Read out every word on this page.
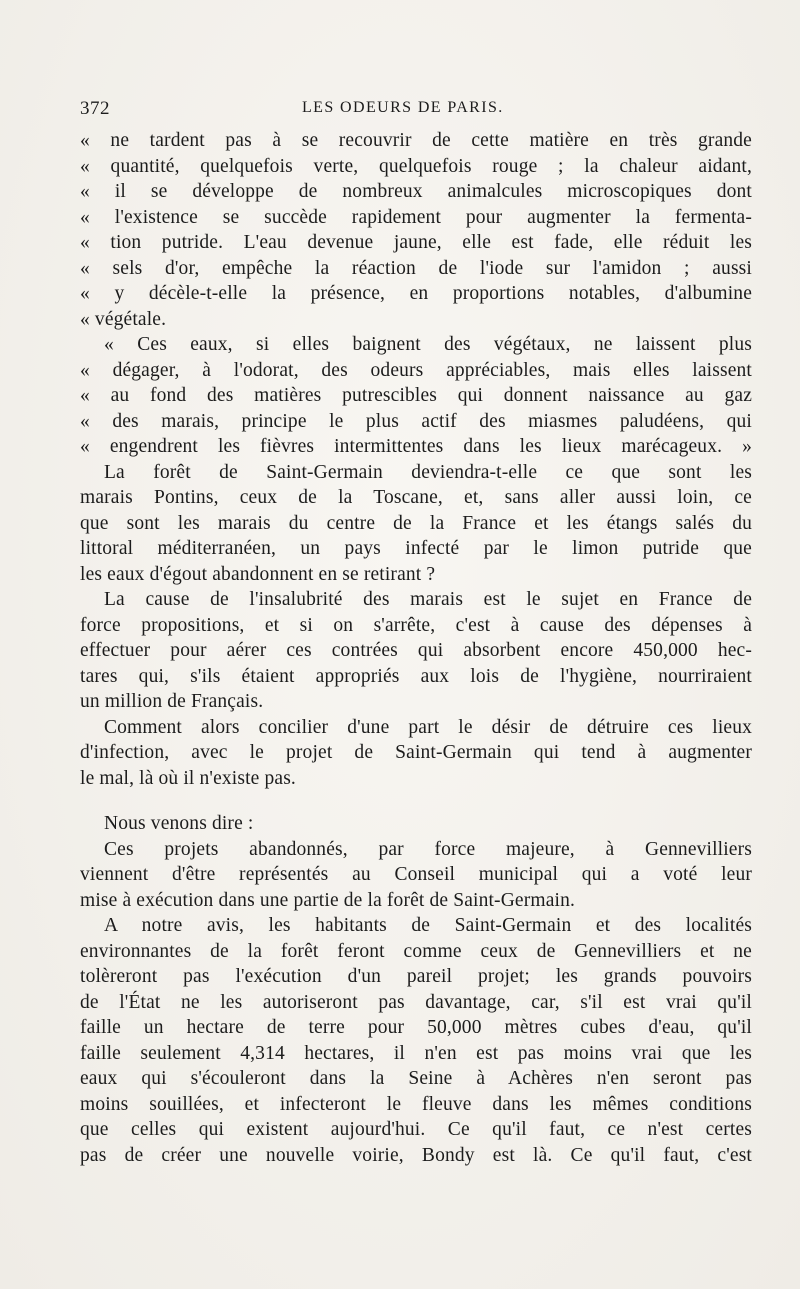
372	LES ODEURS DE PARIS.
« ne tardent pas à se recouvrir de cette matière en très grande
« quantité, quelquefois verte, quelquefois rouge ; la chaleur aidant,
« il se développe de nombreux animalcules microscopiques dont
« l'existence se succède rapidement pour augmenter la fermenta-
« tion putride. L'eau devenue jaune, elle est fade, elle réduit les
« sels d'or, empêche la réaction de l'iode sur l'amidon ; aussi
« y décèle-t-elle la présence, en proportions notables, d'albumine
« végétale.
« Ces eaux, si elles baignent des végétaux, ne laissent plus
« dégager, à l'odorat, des odeurs appréciables, mais elles laissent
« au fond des matières putrescibles qui donnent naissance au gaz
« des marais, principe le plus actif des miasmes paludéens, qui
« engendrent les fièvres intermittentes dans les lieux marécageux. »
La forêt de Saint-Germain deviendra-t-elle ce que sont les
marais Pontins, ceux de la Toscane, et, sans aller aussi loin, ce
que sont les marais du centre de la France et les étangs salés du
littoral méditerranéen, un pays infecté par le limon putride que
les eaux d'égout abandonnent en se retirant ?
La cause de l'insalubrité des marais est le sujet en France de
force propositions, et si on s'arrête, c'est à cause des dépenses à
effectuer pour aérer ces contrées qui absorbent encore 450,000 hec-
tares qui, s'ils étaient appropriés aux lois de l'hygiène, nourriraient
un million de Français.
Comment alors concilier d'une part le désir de détruire ces lieux
d'infection, avec le projet de Saint-Germain qui tend à augmenter
le mal, là où il n'existe pas.
Nous venons dire :
Ces projets abandonnés, par force majeure, à Gennevilliers
viennent d'être représentés au Conseil municipal qui a voté leur
mise à exécution dans une partie de la forêt de Saint-Germain.
A notre avis, les habitants de Saint-Germain et des localités
environnantes de la forêt feront comme ceux de Gennevilliers et ne
tolèreront pas l'exécution d'un pareil projet; les grands pouvoirs
de l'État ne les autoriseront pas davantage, car, s'il est vrai qu'il
faille un hectare de terre pour 50,000 mètres cubes d'eau, qu'il
faille seulement 4,314 hectares, il n'en est pas moins vrai que les
eaux qui s'écouleront dans la Seine à Achères n'en seront pas
moins souillées, et infecteront le fleuve dans les mêmes conditions
que celles qui existent aujourd'hui. Ce qu'il faut, ce n'est certes
pas de créer une nouvelle voirie, Bondy est là. Ce qu'il faut, c'est
